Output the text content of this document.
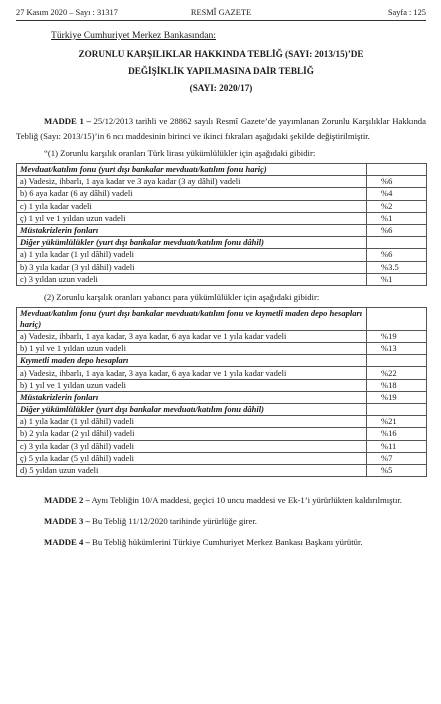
27 Kasım 2020 – Sayı : 31317	RESMÎ GAZETE	Sayfa : 125
Türkiye Cumhuriyet Merkez Bankasından:
ZORUNLU KARŞILIKLAR HAKKINDA TEBLİĞ (SAYI: 2013/15)’DE
DEĞİŞİKLİK YAPILMASINA DAİR TEBLİĞ
(SAYI: 2020/17)

MADDE 1 – 25/12/2013 tarihli ve 28862 sayılı Resmî Gazete’de yayımlanan Zorunlu Karşılıklar Hakkında Tebliğ (Sayı: 2013/15)’in 6 ncı maddesinin birinci ve ikinci fıkraları aşağıdaki şekilde değiştirilmiştir.

“(1) Zorunlu karşılık oranları Türk lirası yükümlülükler için aşağıdaki gibidir:

Mevduat/katılım fonu (yurt dışı bankalar mevduatı/katılım fonu hariç)	
a) Vadesiz, ihbarlı, 1 aya kadar ve 3 aya kadar (3 ay dâhil) vadeli	%6
b) 6 aya kadar (6 ay dâhil) vadeli	%4
c) 1 yıla kadar vadeli	%2
ç) 1 yıl ve 1 yıldan uzun vadeli	%1
Müstakrizlerin fonları	%6
Diğer yükümlülükler (yurt dışı bankalar mevduatı/katılım fonu dâhil)	
a) 1 yıla kadar (1 yıl dâhil) vadeli	%6
b) 3 yıla kadar (3 yıl dâhil) vadeli	%3.5
c) 3 yıldan uzun vadeli	%1

(2) Zorunlu karşılık oranları yabancı para yükümlülükler için aşağıdaki gibidir:

Mevduat/katılım fonu (yurt dışı bankalar mevduatı/katılım fonu ve kıymetli maden depo hesapları hariç)	
a) Vadesiz, ihbarlı, 1 aya kadar, 3 aya kadar, 6 aya kadar ve 1 yıla kadar vadeli	%19
b) 1 yıl ve 1 yıldan uzun vadeli	%13
Kıymetli maden depo hesapları	
a) Vadesiz, ihbarlı, 1 aya kadar, 3 aya kadar, 6 aya kadar ve 1 yıla kadar vadeli	%22
b) 1 yıl ve 1 yıldan uzun vadeli	%18
Müstakrizlerin fonları	%19
Diğer yükümlülükler (yurt dışı bankalar mevduatı/katılım fonu dâhil)	
a) 1 yıla kadar (1 yıl dâhil) vadeli	%21
b) 2 yıla kadar (2 yıl dâhil) vadeli	%16
c) 3 yıla kadar (3 yıl dâhil) vadeli	%11
ç) 5 yıla kadar (5 yıl dâhil) vadeli	%7
d) 5 yıldan uzun vadeli	%5

MADDE 2 – Aynı Tebliğin 10/A maddesi, geçici 10 uncu maddesi ve Ek-1’i yürürlükten kaldırılmıştır.

MADDE 3 – Bu Tebliğ 11/12/2020 tarihinde yürürlüğe girer.

MADDE 4 – Bu Tebliğ hükümlerini Türkiye Cumhuriyet Merkez Bankası Başkanı yürütür.
